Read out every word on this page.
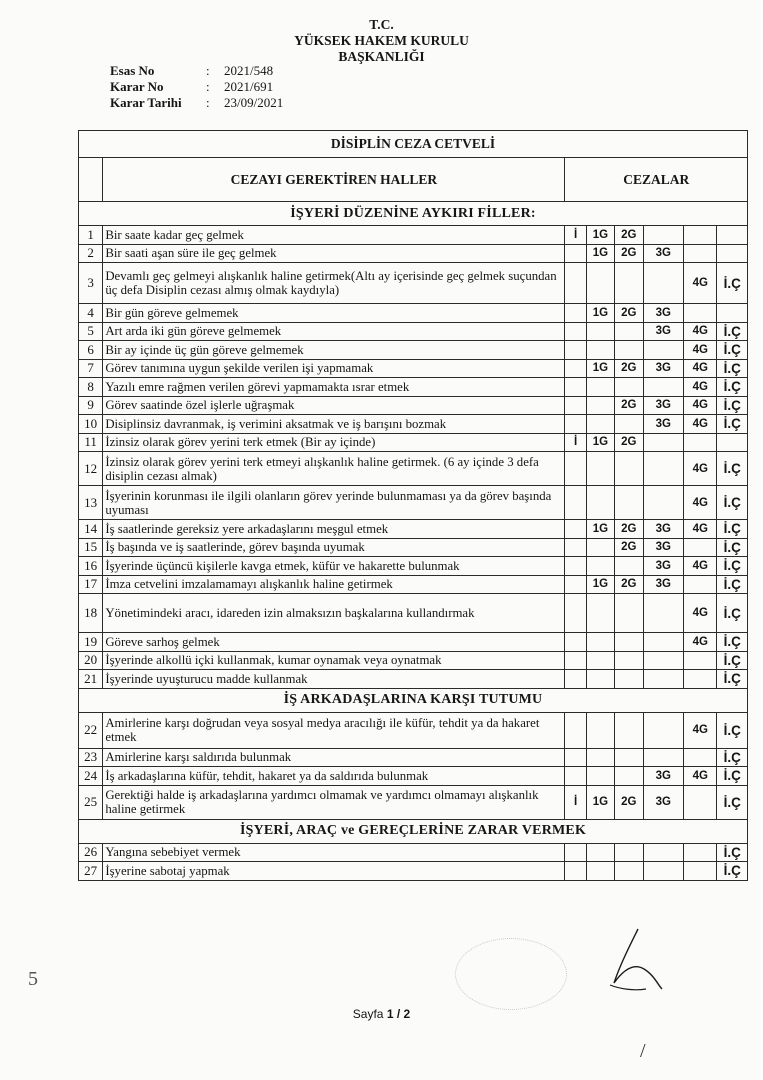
T.C.
YÜKSEK HAKEM KURULU
BAŞKANLIĞI
Esas No	:	2021/548
Karar No	:	2021/691
Karar Tarihi	:	23/09/2021
DİSİPLİN CEZA CETVELİ							
	CEZAYI GEREKTİREN HALLER	CEZALAR					
İŞYERİ DÜZENİNE AYKIRI FİLLER:							
1	Bir saate kadar geç gelmek	İ	1G	2G			
2	Bir saati aşan süre ile geç gelmek		1G	2G	3G		
3	Devamlı geç gelmeyi alışkanlık haline getirmek(Altı ay içerisinde geç gelmek suçundan üç defa Disiplin cezası almış olmak kaydıyla)					4G	İ.Ç
4	Bir gün göreve gelmemek		1G	2G	3G		
5	Art arda iki gün göreve gelmemek				3G	4G	İ.Ç
6	Bir ay içinde üç gün göreve gelmemek					4G	İ.Ç
7	Görev tanımına uygun şekilde verilen işi yapmamak		1G	2G	3G	4G	İ.Ç
8	Yazılı emre rağmen verilen görevi yapmamakta ısrar etmek					4G	İ.Ç
9	Görev saatinde özel işlerle uğraşmak			2G	3G	4G	İ.Ç
10	Disiplinsiz davranmak, iş verimini aksatmak ve iş barışını bozmak				3G	4G	İ.Ç
11	İzinsiz olarak görev yerini terk etmek (Bir ay içinde)	İ	1G	2G			
12	İzinsiz olarak görev yerini terk etmeyi alışkanlık haline getirmek. (6 ay içinde 3 defa disiplin cezası almak)					4G	İ.Ç
13	İşyerinin korunması ile ilgili olanların görev yerinde bulunmaması ya da görev başında uyuması					4G	İ.Ç
14	İş saatlerinde gereksiz yere arkadaşlarını meşgul etmek		1G	2G	3G	4G	İ.Ç
15	İş başında ve iş saatlerinde, görev başında uyumak			2G	3G		İ.Ç
16	İşyerinde üçüncü kişilerle kavga etmek, küfür ve hakarette bulunmak				3G	4G	İ.Ç
17	İmza cetvelini imzalamamayı alışkanlık haline getirmek		1G	2G	3G		İ.Ç
18	Yönetimindeki aracı, idareden izin almaksızın başkalarına kullandırmak					4G	İ.Ç
19	Göreve sarhoş gelmek					4G	İ.Ç
20	İşyerinde alkollü içki kullanmak, kumar oynamak veya oynatmak						İ.Ç
21	İşyerinde uyuşturucu madde kullanmak						İ.Ç
İŞ ARKADAŞLARINA KARŞI TUTUMU							
22	Amirlerine karşı doğrudan veya sosyal medya aracılığı ile küfür, tehdit ya da hakaret etmek					4G	İ.Ç
23	Amirlerine karşı saldırıda bulunmak						İ.Ç
24	İş arkadaşlarına küfür, tehdit, hakaret ya da saldırıda bulunmak				3G	4G	İ.Ç
25	Gerektiği halde iş arkadaşlarına yardımcı olmamak ve yardımcı olmamayı alışkanlık haline getirmek	İ	1G	2G	3G		İ.Ç
İŞYERİ, ARAÇ ve GEREÇLERİNE ZARAR VERMEK							
26	Yangına sebebiyet vermek						İ.Ç
27	İşyerine sabotaj yapmak						İ.Ç
5
/
Sayfa 1 / 2
